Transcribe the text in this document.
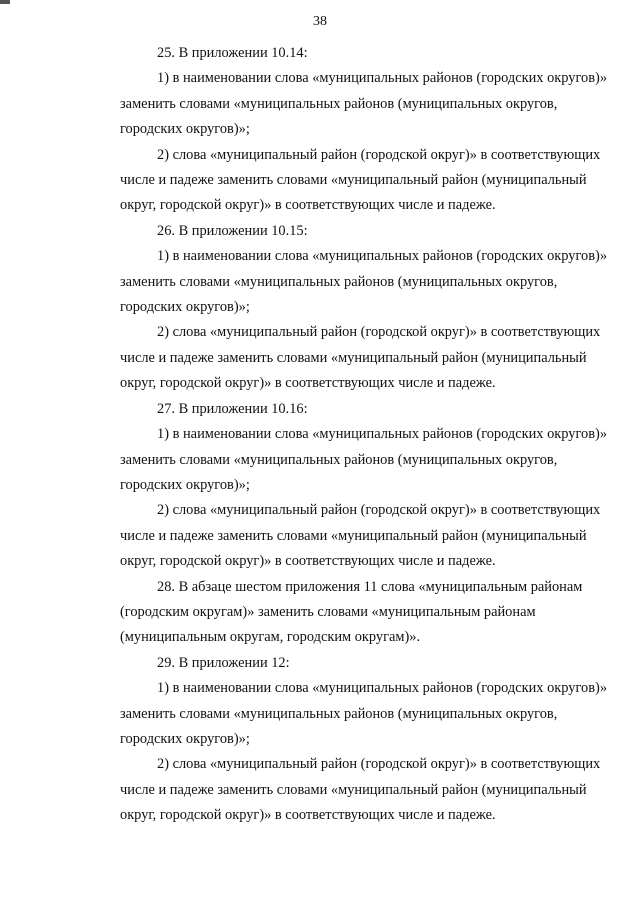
38

25. В приложении 10.14:

1) в наименовании слова «муниципальных районов (городских округов)»
заменить словами «муниципальных районов (муниципальных округов,
городских округов)»;

2) слова «муниципальный район (городской округ)» в соответствующих
числе и падеже заменить словами «муниципальный район (муниципальный
округ, городской округ)» в соответствующих числе и падеже.

26. В приложении 10.15:

1) в наименовании слова «муниципальных районов (городских округов)»
заменить словами «муниципальных районов (муниципальных округов,
городских округов)»;

2) слова «муниципальный район (городской округ)» в соответствующих
числе и падеже заменить словами «муниципальный район (муниципальный
округ, городской округ)» в соответствующих числе и падеже.

27. В приложении 10.16:

1) в наименовании слова «муниципальных районов (городских округов)»
заменить словами «муниципальных районов (муниципальных округов,
городских округов)»;

2) слова «муниципальный район (городской округ)» в соответствующих
числе и падеже заменить словами «муниципальный район (муниципальный
округ, городской округ)» в соответствующих числе и падеже.

28. В абзаце шестом приложения 11 слова «муниципальным районам
(городским округам)» заменить словами «муниципальным районам
(муниципальным округам, городским округам)».

29. В приложении 12:

1) в наименовании слова «муниципальных районов (городских округов)»
заменить словами «муниципальных районов (муниципальных округов,
городских округов)»;

2) слова «муниципальный район (городской округ)» в соответствующих
числе и падеже заменить словами «муниципальный район (муниципальный
округ, городской округ)» в соответствующих числе и падеже.
